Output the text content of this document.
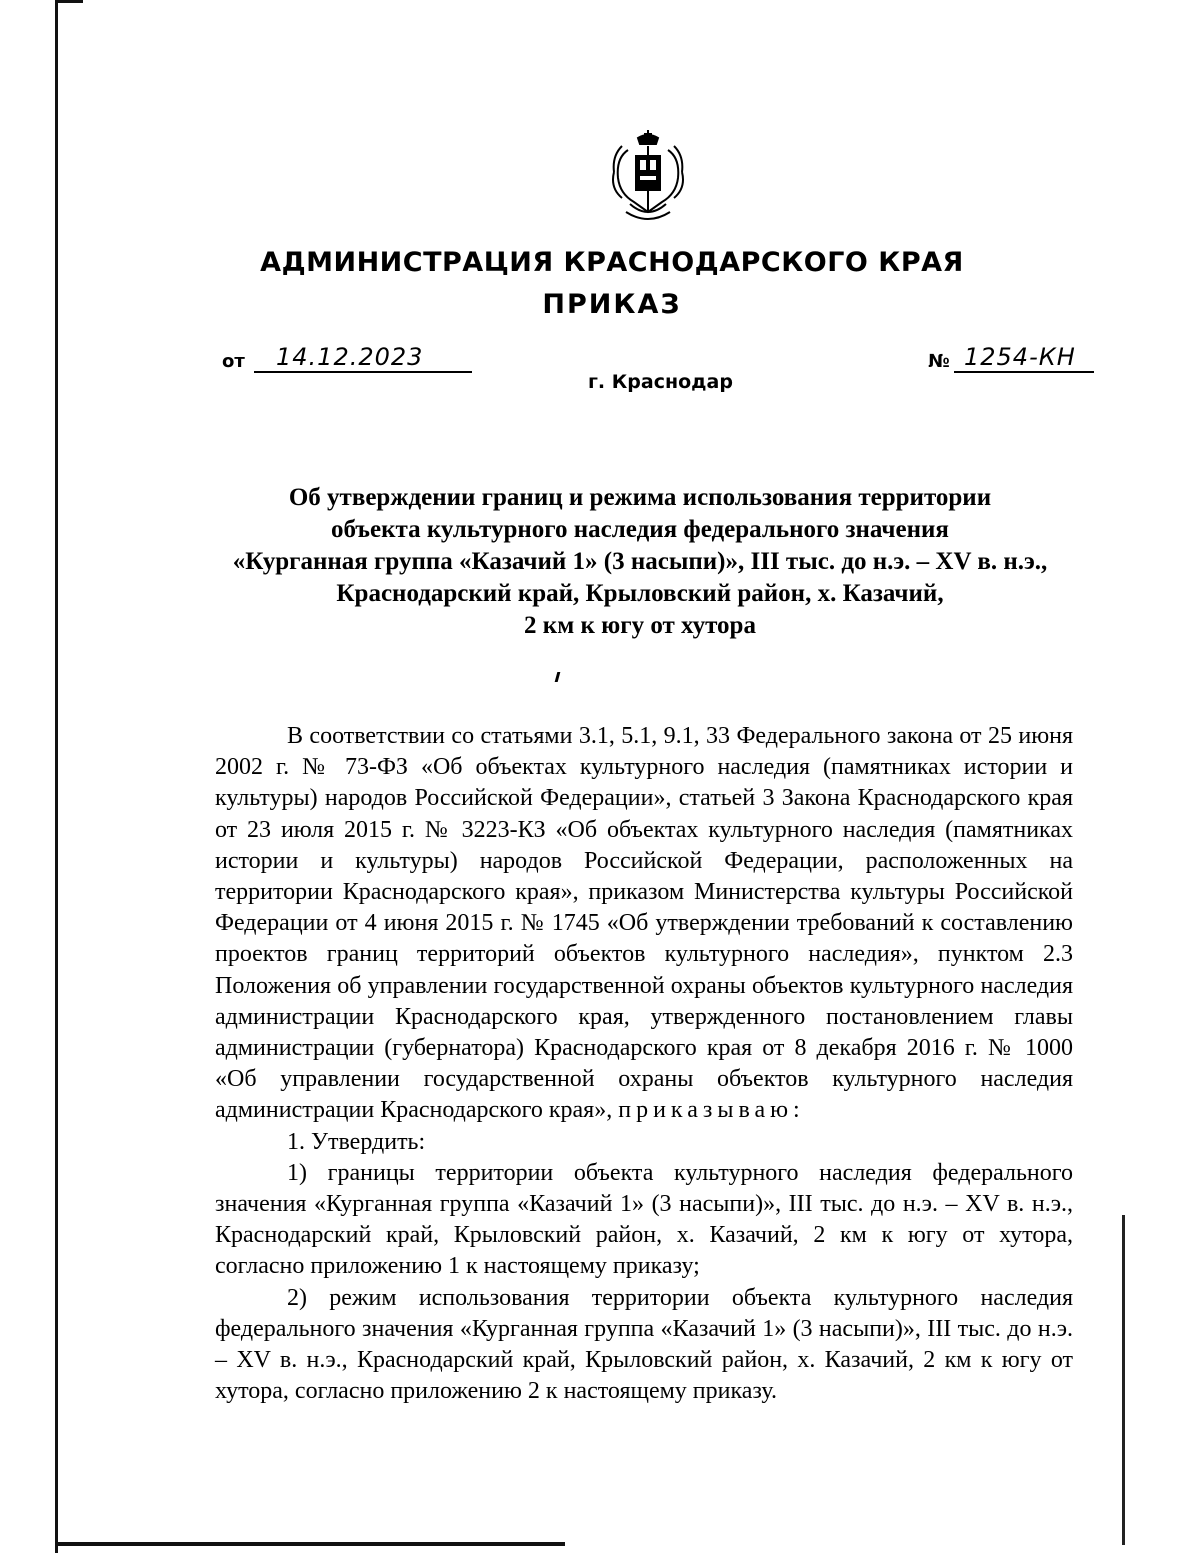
АДМИНИСТРАЦИЯ КРАСНОДАРСКОГО КРАЯ
ПРИКАЗ
от	14.12.2023
г. Краснодар
№ 1254-КН
Об утверждении границ и режима использования территории
объекта культурного наследия федерального значения
«Курганная группа «Казачий 1» (3 насыпи)», III тыс. до н.э. – XV в. н.э.,
Краснодарский край, Крыловский район, х. Казачий,
2 км к югу от хутора

В соответствии со статьями 3.1, 5.1, 9.1, 33 Федерального закона от 25 июня 2002 г. № 73-ФЗ «Об объектах культурного наследия (памятниках истории и культуры) народов Российской Федерации», статьей 3 Закона Краснодарского края от 23 июля 2015 г. № 3223-КЗ «Об объектах культурного наследия (памятниках истории и культуры) народов Российской Федерации, расположенных на территории Краснодарского края», приказом Министерства культуры Российской Федерации от 4 июня 2015 г. № 1745 «Об утверждении требований к составлению проектов границ территорий объектов культурного наследия», пунктом 2.3 Положения об управлении государственной охраны объектов культурного наследия администрации Краснодарского края, утвержденного постановлением главы администрации (губернатора) Краснодарского края от 8 декабря 2016 г. № 1000 «Об управлении государственной охраны объектов культурного наследия администрации Краснодарского края», приказываю:

1. Утвердить:

1) границы территории объекта культурного наследия федерального значения «Курганная группа «Казачий 1» (3 насыпи)», III тыс. до н.э. – XV в. н.э., Краснодарский край, Крыловский район, х. Казачий, 2 км к югу от хутора, согласно приложению 1 к настоящему приказу;

2) режим использования территории объекта культурного наследия федерального значения «Курганная группа «Казачий 1» (3 насыпи)», III тыс. до н.э. – XV в. н.э., Краснодарский край, Крыловский район, х. Казачий, 2 км к югу от хутора, согласно приложению 2 к настоящему приказу.
